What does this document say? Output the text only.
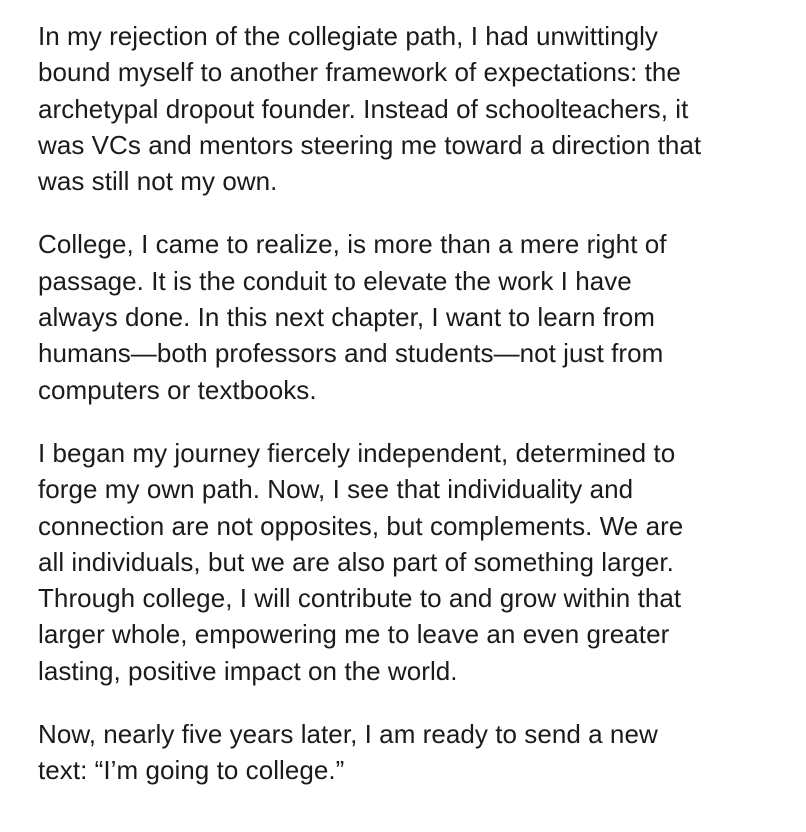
In my rejection of the collegiate path, I had unwittingly
bound myself to another framework of expectations: the
archetypal dropout founder. Instead of schoolteachers, it
was VCs and mentors steering me toward a direction that
was still not my own.

College, I came to realize, is more than a mere right of
passage. It is the conduit to elevate the work I have
always done. In this next chapter, I want to learn from
humans—both professors and students—not just from
computers or textbooks.

I began my journey fiercely independent, determined to
forge my own path. Now, I see that individuality and
connection are not opposites, but complements. We are
all individuals, but we are also part of something larger.
Through college, I will contribute to and grow within that
larger whole, empowering me to leave an even greater
lasting, positive impact on the world.

Now, nearly five years later, I am ready to send a new
text: “I’m going to college.”
